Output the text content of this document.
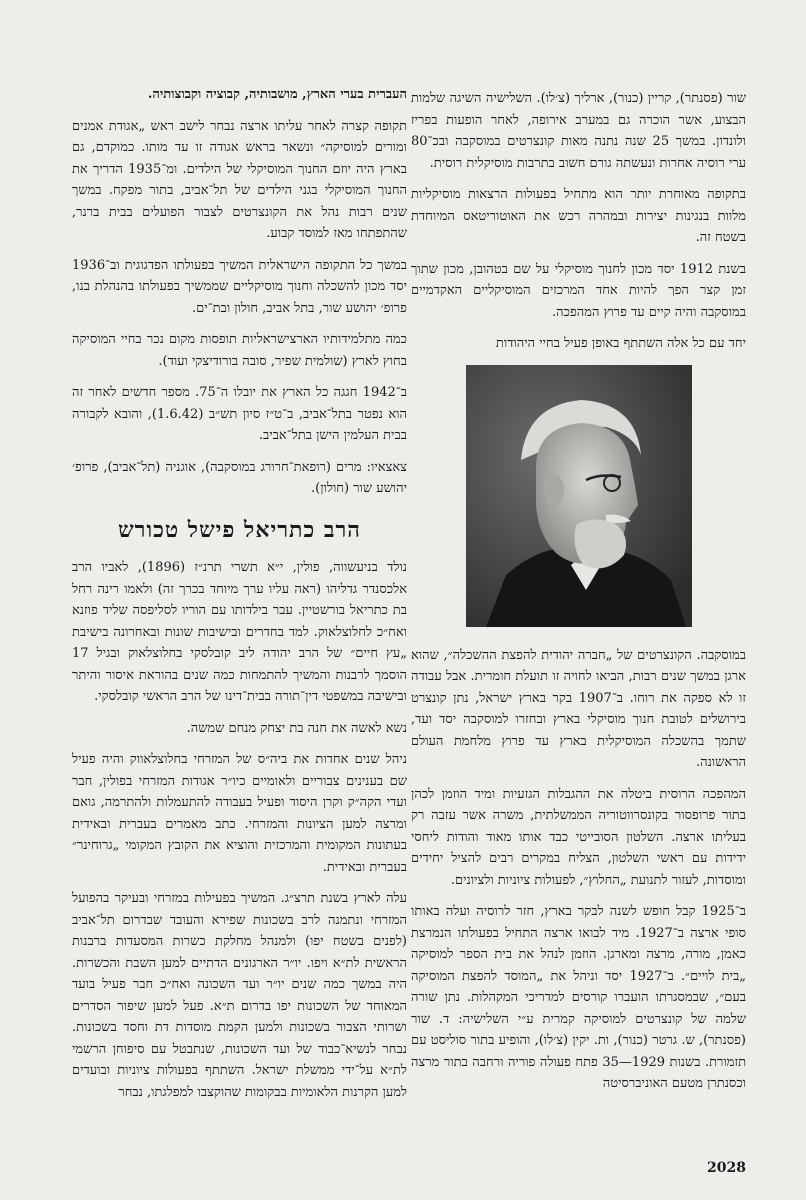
שור (פסנתר), קריין (כנור), ארליך (צ׳לו). השלישיה השיגה שלמות הבצוע, אשר הוכרה גם במערב אירופה, לאחר הופעות בפריז ולונדון. במשך 25 שנה נתנה מאות קונצרטים במוסקבה ובכ־80 ערי רוסיה אחרות ונעשתה גורם חשוב בתרבות מוסיקלית רוסית.

בתקופה מאוחרת יותר הוא מתחיל בפעולות הרצאות מוסיקליות מלוות בנגינות יצירות ובמהרה רכש את האוטוריטאס המיוחדת בשטח זה.

בשנת 1912 יסד מכון לחנוך מוסיקלי על שם בטהובן, מכון שתוך זמן קצר הפך להיות אחד המרכזים המוסיקליים האקדמיים במוסקבה והיה קיים עד פרוץ המהפכה.

יחד עם כל אלה השתתף באופן פעיל בחיי היהודות

במוסקבה. הקונצרטים של „חברה יהודית להפצת ההשכלה״, שהוא ארגן במשך שנים רבות, הביאו לחויה זו תועלת חומרית. אבל עבודה זו לא ספקה את רוחו. ב־1907 בקר בארץ ישראל, נתן קונצרט בירושלים לטובת חנוך מוסיקלי בארץ ובחזרו למוסקבה יסד ועד, שתמך בהשכלה המוסיקלית בארץ עד פרוץ מלחמת העולם הראשונה.

המהפכה הרוסית ביטלה את ההגבלות הגזעיות ומיד הוזמן לכהן בתור פרופסור בקונסרווטוריה הממשלתית, משרה אשר עזבה רק בעליתו ארצה. השלטון הסובייטי כבד אותו מאוד והודות ליחסי ידידות עם ראשי השלטון, הצליח במקרים רבים להציל יחידים ומוסדות, לעזור לתנועת „החלוץ״, לפעולות ציוניות ולציונים.

ב־1925 קבל חופש לשנה לבקר בארץ, חזר לרוסיה ועלה באותו סופי ארצה ב־1927. מיד לבואו ארצה התחיל בפעולתו הנמרצת כאמן, מורה, מרצה ומארגן. הוזמן לנהל את בית הספר למוסיקה „בית לויים״. ב־1927 יסד וניהל את „המוסד להפצת המוסיקה בעם״, שבמסגרתו הועברו קורסים למדריכי המקהלות. נתן שורה שלמה של קונצרטים למוסיקה קמרית ע״י השלישיה: ד. שור (פסנתר), ש. גרטר (כנור), ות. יקין (צ׳לו), והופיע בתור סוליסט עם תזמורת. בשנות 1929—35 פתח פעולה פוריה ורחבה בתור מרצה וכסנתרן מטעם האוניברסיטה

העברית בערי הארץ, מושבותיה, קבוציה וקבוצותיה.

תקופה קצרה לאחר עליתו ארצה נבחר לישב ראש „אגודת אמנים ומורים למוסיקה״ ונשאר בראש אגודה זו עד מותו. כמוקדם, גם בארץ היה יוזם החנוך המוסיקלי של הילדים. ומ־1935 הדריך את החנוך המוסיקלי בגני הילדים של תל־אביב, בתור מפקח. במשך שנים רבות נהל את הקונצרטים לצבור הפועלים בבית ברנר, שהתפתחו מאז למוסד קבוע.

במשך כל התקופה הישראלית המשיך בפעולתו הפדגוגית וב־1936 יסד מכון להשכלה וחנוך מוסיקליים שממשיך בפעולתו בהנהלת בנו, פרופ׳ יהושע שור, בתל אביב, חולון ובת־ים.

כמה מתלמידותיו הארצישראליות תופסות מקום נכר בחיי המוסיקה בחוץ לארץ (שולמית שפיר, סובה בורודיצקי ועוד).

ב־1942 חגגה כל הארץ את יובלו ה־75. מספר חדשים לאחר זה הוא נפטר בתל־אביב, ב־ט״ז סיון תש״ב (1.6.42), והובא לקבורה בבית העלמין הישן בתל־אביב.

צאצאיו: מרים (רופאת־חרורג במוסקבה), אוגניה (תל־אביב), פרופ׳ יהושע שור (חולון).

הרב כתריאל פישל טכורש

נולד בניעשווה, פולין, י״א תשרי תרנ״ז (1896), לאביו הרב אלכסנדר גדליהו (ראה עליו ערך מיוחד בכרך זה) ולאמו רינה רחל בת כתריאל בורשטיין. עבר בילדותו עם הוריו לסליפסה שליד פוזנא ואח״כ לחלוצלאוק. למד בחדרים ובישיבות שונות ובאחרונה בישיבת „עץ חיים״ של הרב יהודה ליב קובלסקי בחלוצלאוק ובגיל 17 הוסמך לרבנות והמשיך להתמחות כמה שנים בהוראת איסור והיתר ובישיבה במשפטי דין־תורה בבית־דינו של הרב הראשי קובלסקי.

נשא לאשה את חנה בת יצחק מנחם שמשה.

ניהל שנים אחדות את ביה״ס של המזרחי בחלוצלאווק והיה פעיל שם בענינים צבוריים ולאומיים כיו״ר אגודות המזרחי בפולין, חבר ועדי הקה״ק וקרן היסוד ופעיל בעבודה להתעמלות ולהתרמה, גואם ומרצה למען הציונות והמזרחי. כתב מאמרים בעברית ובאידית בעתונות המקומית והמרכזית והוציא את הקובץ המקומי „גרוחינר״ בעברית ובאידית.

עלה לארץ בשנת תרצ״ג. המשיך בפעילות במזרחי ובעיקר בהפועל המזרחי ונתמנה לרב בשכונות שפירא והעובד שבדרום תל־אביב (לפנים בשטח יפו) ולמנהל מחלקת כשרות המסעדות ברבנות הראשית לת״א ויפו. יו״ר הארגונים הדתיים למען השבת והכשרות. היה במשך כמה שנים יו״ר ועד השכונה ואח״כ חבר פעיל בועד המאוחד של השכונות יפו בדרום ת״א. פעל למען שיפור הסדרים ושרותי הצבור בשכונות ולמען הקמת מוסדות דת וחסד בשכונות. נבחר לנשיא־כבוד של ועד השכונות, שנתבטל עם סיפוחן הרשמי לת״א על־ידי ממשלת ישראל. השתתף בפעולות ציוניות ובועדים למען הקרנות הלאומיות בבקומות שהוקצבו למפלגתו, נבחר

2028
